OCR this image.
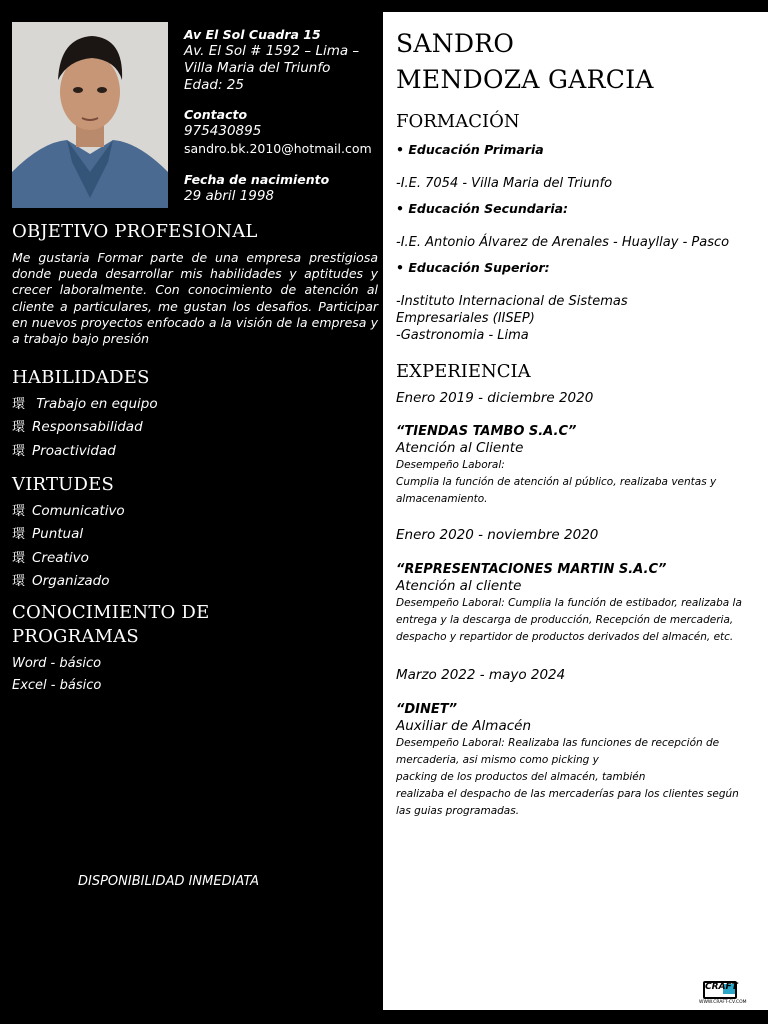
Av El Sol Cuadra 15
Av. El Sol # 1592 – Lima –
Villa Maria del Triunfo
Edad: 25
Contacto
975430895
sandro.bk.2010@hotmail.com
Fecha de nacimiento
29 abril 1998
OBJETIVO PROFESIONAL
Me gustaria Formar parte de una empresa prestigiosa donde pueda desarrollar mis habilidades y aptitudes y crecer laboralmente. Con conocimiento de atención al cliente a particulares, me gustan los desafios. Participar en nuevos proyectos enfocado a la visión de la empresa y a trabajo bajo presión
HABILIDADES
環 Trabajo en equipo
環 Responsabilidad
環 Proactividad
VIRTUDES
環 Comunicativo
環 Puntual
環 Creativo
環 Organizado
CONOCIMIENTO DE
PROGRAMAS
Word - básico
Excel - básico
DISPONIBILIDAD INMEDIATA
SANDRO
MENDOZA GARCIA
FORMACIÓN
• Educación Primaria
-I.E. 7054 - Villa Maria del Triunfo
• Educación Secundaria:
-I.E. Antonio Álvarez de Arenales - Huayllay - Pasco
• Educación Superior:
-Instituto Internacional de Sistemas
Empresariales (IISEP)
-Gastronomia - Lima
EXPERIENCIA
Enero 2019 - diciembre 2020
“TIENDAS TAMBO S.A.C”
Atención al Cliente
Desempeño Laboral:
Cumplia la función de atención al público, realizaba ventas y
almacenamiento.
Enero 2020 - noviembre 2020
“REPRESENTACIONES MARTIN S.A.C”
Atención al cliente
Desempeño Laboral: Cumplia la función de estibador, realizaba la
entrega y la descarga de producción, Recepción de mercaderia,
despacho y repartidor de productos derivados del almacén, etc.
Marzo 2022 - mayo 2024
“DINET”
Auxiliar de Almacén
Desempeño Laboral: Realizaba las funciones de recepción de
mercaderia, asi mismo como picking y
packing de los productos del almacén, también
realizaba el despacho de las mercaderías para los clientes según
las guias programadas.
CRAFT
WWW.CRAFT-CV.COM
